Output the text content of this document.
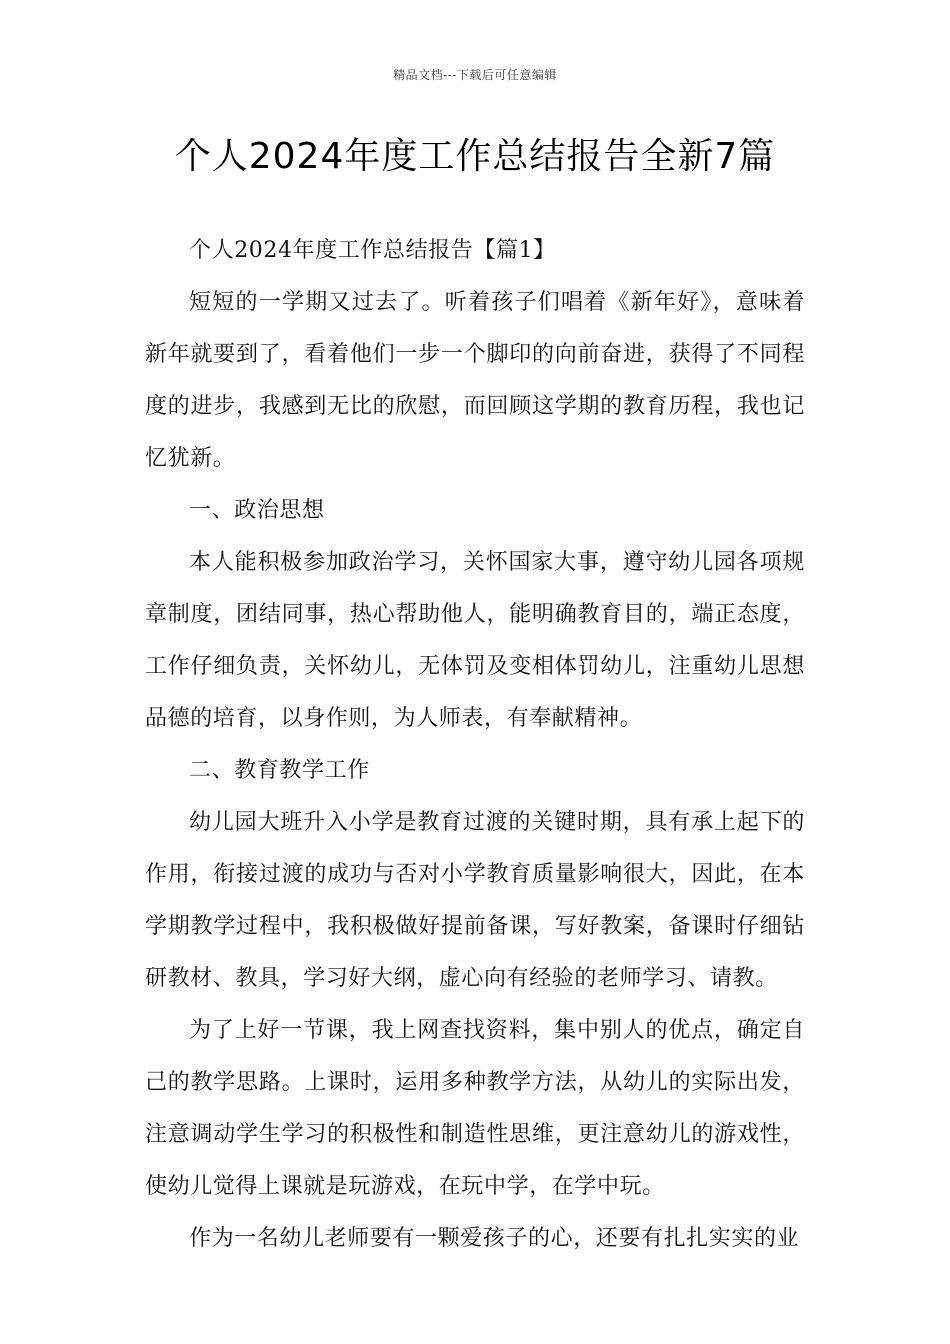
精品文档---下载后可任意编辑
个人2024年度工作总结报告全新7篇

个人2024年度工作总结报告【篇1】

短短的一学期又过去了。听着孩子们唱着《新年好》，意味着新年就要到了，看着他们一步一个脚印的向前奋进，获得了不同程度的进步，我感到无比的欣慰，而回顾这学期的教育历程，我也记忆犹新。

一、政治思想

本人能积极参加政治学习，关怀国家大事，遵守幼儿园各项规章制度，团结同事，热心帮助他人，能明确教育目的，端正态度，工作仔细负责，关怀幼儿，无体罚及变相体罚幼儿，注重幼儿思想品德的培育，以身作则，为人师表，有奉献精神。

二、教育教学工作

幼儿园大班升入小学是教育过渡的关键时期，具有承上起下的作用，衔接过渡的成功与否对小学教育质量影响很大，因此，在本学期教学过程中，我积极做好提前备课，写好教案，备课时仔细钻研教材、教具，学习好大纲，虚心向有经验的老师学习、请教。

为了上好一节课，我上网查找资料，集中别人的优点，确定自己的教学思路。上课时，运用多种教学方法，从幼儿的实际出发，注意调动学生学习的积极性和制造性思维，更注意幼儿的游戏性，使幼儿觉得上课就是玩游戏，在玩中学，在学中玩。

作为一名幼儿老师要有一颗爱孩子的心，还要有扎扎实实的业
